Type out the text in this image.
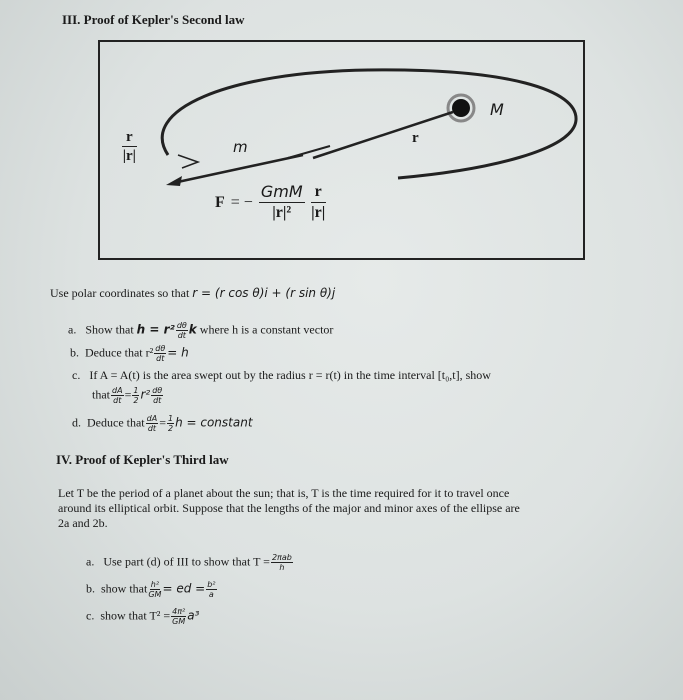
III. Proof of Kepler's Second law
M
m	r
$\frac{r}{|r|}$
F = −
GmM
$|r|^2 \frac{r}{|r|}$
Use polar coordinates so that r = (r cos θ)i + (r sin θ)j
a. Show that $h = r^2 \frac{d\theta}{dt}$ k where h is a constant vector
b. Deduce that $r^2 \frac{d\theta}{dt} = h$
c. If A = A(t) is the area swept out by the radius r = r(t) in the time interval [t₀,t], show
that $\frac{dA}{dt} = \frac{1}{2} r^2 \frac{d\theta}{dt}$
d. Deduce that $\frac{dA}{dt} = \frac{1}{2}$ h = constant
IV. Proof of Kepler's Third law
Let T be the period of a planet about the sun; that is, T is the time required for it to travel once
around its elliptical orbit. Suppose that the lengths of the major and minor axes of the ellipse are
2a and 2b.
a. Use part (d) of III to show that $T = \frac{\text{2πab}}{h}$
b. show that $\frac{\text{h²}}{GM}$ = ed = $\frac{\text{b²}}{a}$
c. show that $T^2 = \frac{\text{4π²}}{GM} a^3$
